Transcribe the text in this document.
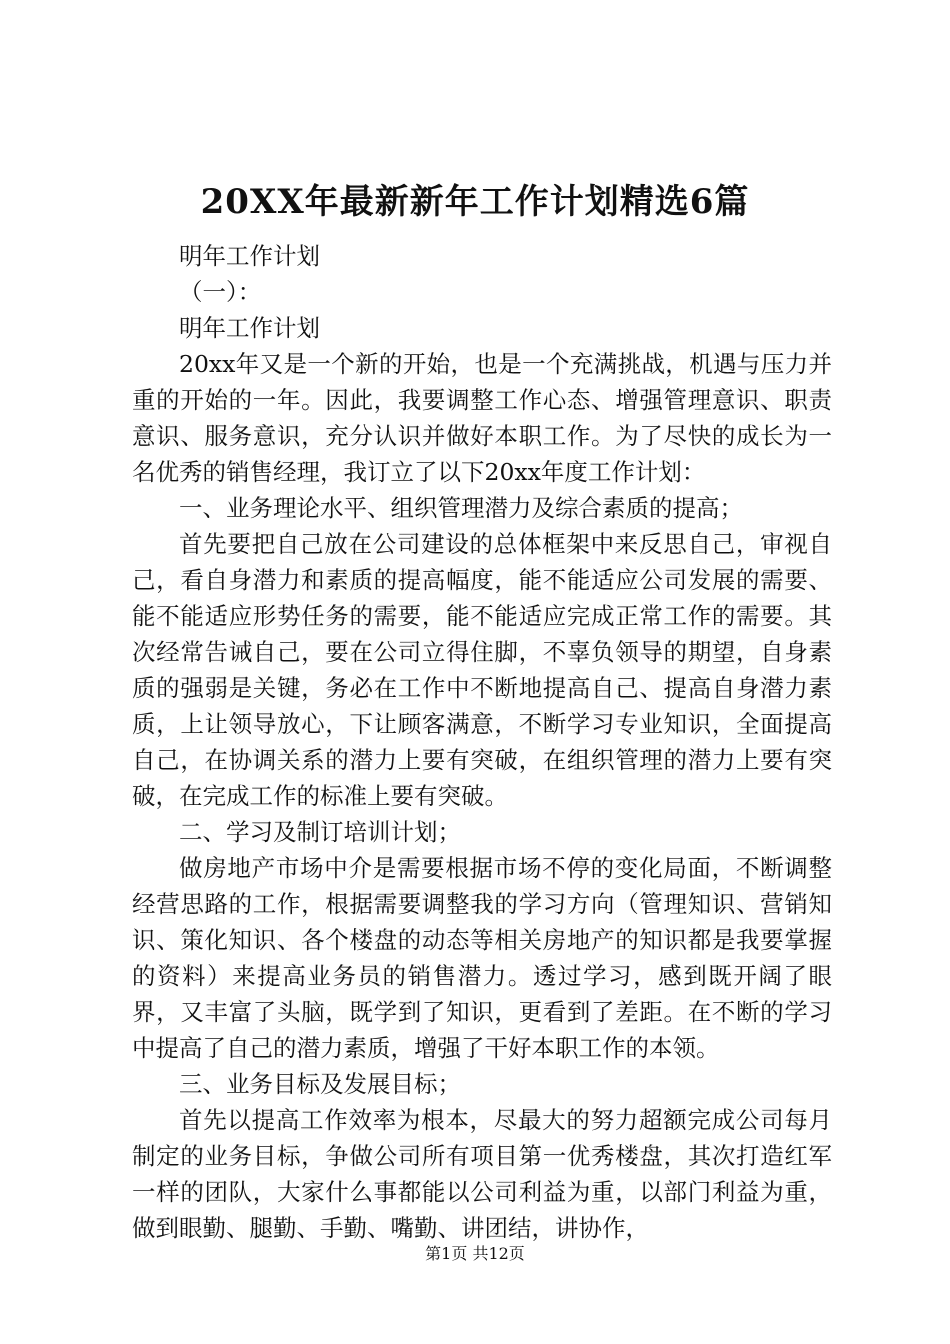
20XX年最新新年工作计划精选6篇

明年工作计划

（一）：

明年工作计划

20xx年又是一个新的开始，也是一个充满挑战，机遇与压力并重的开始的一年。因此，我要调整工作心态、增强管理意识、职责意识、服务意识，充分认识并做好本职工作。为了尽快的成长为一名优秀的销售经理，我订立了以下20xx年度工作计划：

一、业务理论水平、组织管理潜力及综合素质的提高；

首先要把自己放在公司建设的总体框架中来反思自己，审视自己，看自身潜力和素质的提高幅度，能不能适应公司发展的需要、能不能适应形势任务的需要，能不能适应完成正常工作的需要。其次经常告诫自己，要在公司立得住脚，不辜负领导的期望，自身素质的强弱是关键，务必在工作中不断地提高自己、提高自身潜力素质，上让领导放心，下让顾客满意，不断学习专业知识，全面提高自己，在协调关系的潜力上要有突破，在组织管理的潜力上要有突破，在完成工作的标准上要有突破。

二、学习及制订培训计划；

做房地产市场中介是需要根据市场不停的变化局面，不断调整经营思路的工作，根据需要调整我的学习方向（管理知识、营销知识、策化知识、各个楼盘的动态等相关房地产的知识都是我要掌握的资料）来提高业务员的销售潜力。透过学习，感到既开阔了眼界，又丰富了头脑，既学到了知识，更看到了差距。在不断的学习中提高了自己的潜力素质，增强了干好本职工作的本领。

三、业务目标及发展目标；

首先以提高工作效率为根本，尽最大的努力超额完成公司每月制定的业务目标，争做公司所有项目第一优秀楼盘，其次打造红军一样的团队，大家什么事都能以公司利益为重，以部门利益为重，做到眼勤、腿勤、手勤、嘴勤、讲团结，讲协作，

第1页 共12页
